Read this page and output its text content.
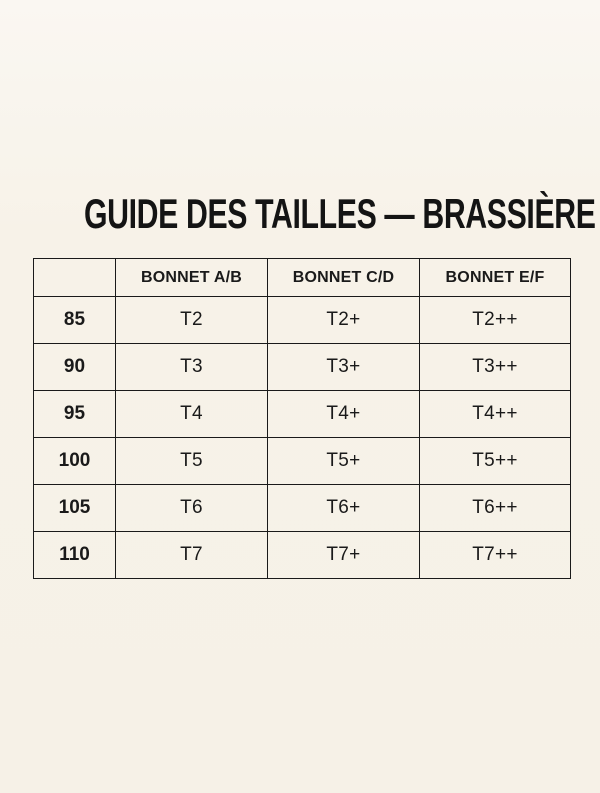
GUIDE DES TAILLES — BRASSIÈRE
	BONNET A/B	BONNET C/D	BONNET E/F
85	T2	T2+	T2++
90	T3	T3+	T3++
95	T4	T4+	T4++
100	T5	T5+	T5++
105	T6	T6+	T6++
110	T7	T7+	T7++
